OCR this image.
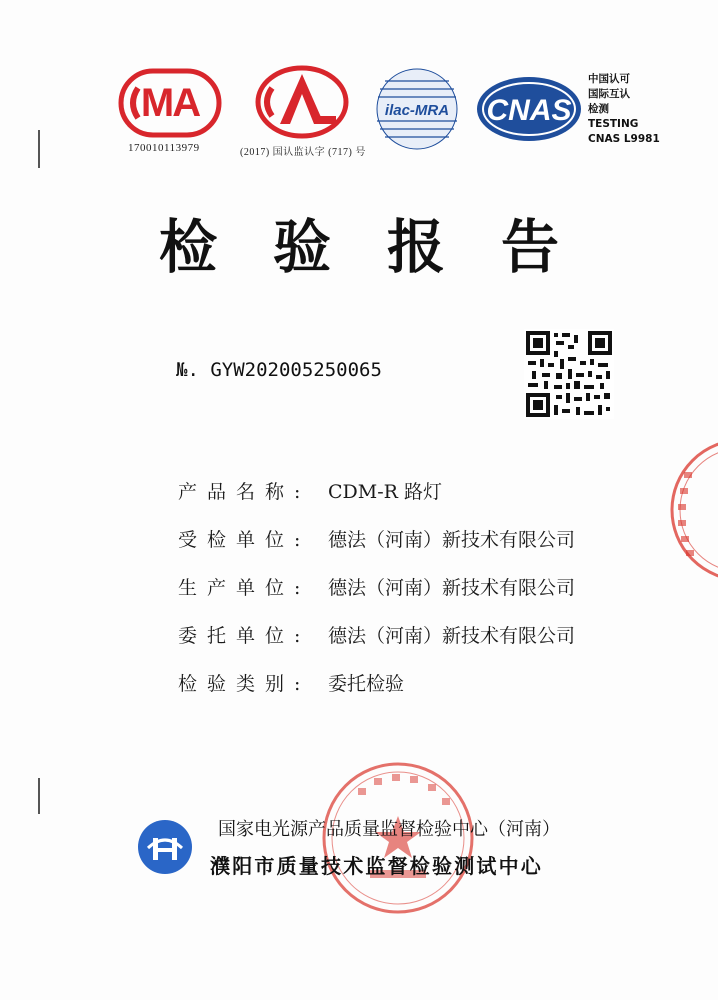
MA
170010113979	(2017) 国认监认字 (717) 号
ilac-MRA CNAS
中国认可
国际互认
检测
TESTING
CNAS L9981
检验报告
№. GYW202005250065
产品名称: CDM-R 路灯
受检单位: 德法（河南）新技术有限公司
生产单位: 德法（河南）新技术有限公司
委托单位: 德法（河南）新技术有限公司
检验类别: 委托检验
国家电光源产品质量监督检验中心（河南）
濮阳市质量技术监督检验测试中心
